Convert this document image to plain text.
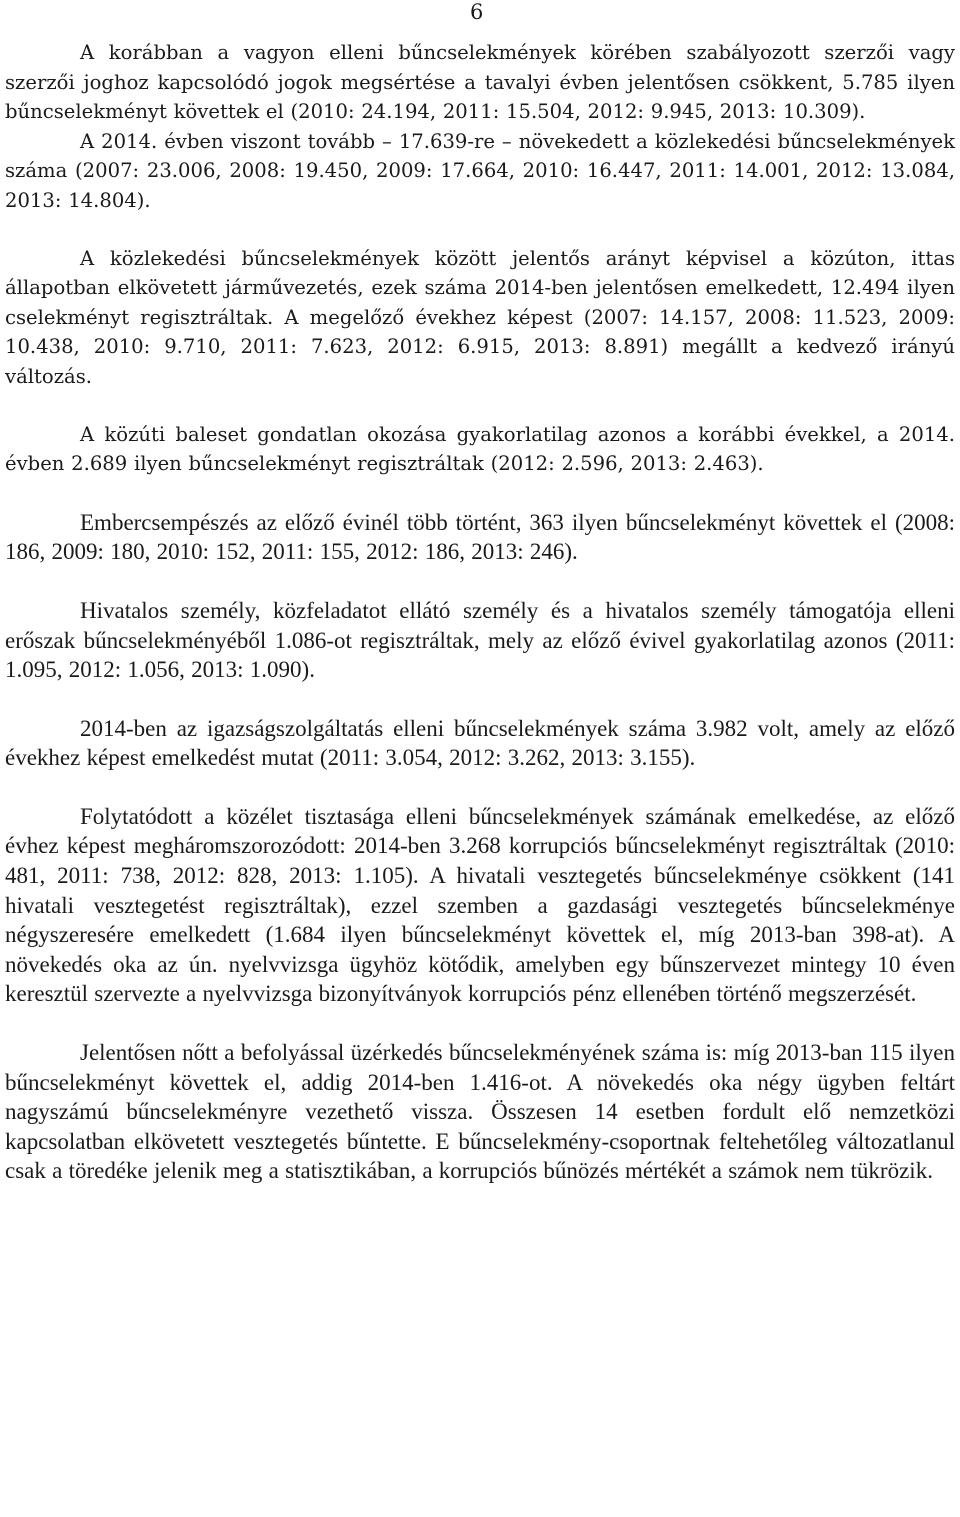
6

A korábban a vagyon elleni bűncselekmények körében szabályozott szerzői vagy szerzői joghoz kapcsolódó jogok megsértése a tavalyi évben jelentősen csökkent, 5.785 ilyen bűncselekményt követtek el (2010: 24.194, 2011: 15.504, 2012: 9.945, 2013: 10.309).

A 2014. évben viszont tovább – 17.639-re – növekedett a közlekedési bűncselekmények száma (2007: 23.006, 2008: 19.450, 2009: 17.664, 2010: 16.447, 2011: 14.001, 2012: 13.084, 2013: 14.804).

A közlekedési bűncselekmények között jelentős arányt képvisel a közúton, ittas állapotban elkövetett járművezetés, ezek száma 2014-ben jelentősen emelkedett, 12.494 ilyen cselekményt regisztráltak. A megelőző évekhez képest (2007: 14.157, 2008: 11.523, 2009: 10.438, 2010: 9.710, 2011: 7.623, 2012: 6.915, 2013: 8.891) megállt a kedvező irányú változás.

A közúti baleset gondatlan okozása gyakorlatilag azonos a korábbi évekkel, a 2014. évben 2.689 ilyen bűncselekményt regisztráltak (2012: 2.596, 2013: 2.463).

Embercsempészés az előző évinél több történt, 363 ilyen bűncselekményt követtek el (2008: 186, 2009: 180, 2010: 152, 2011: 155, 2012: 186, 2013: 246).

Hivatalos személy, közfeladatot ellátó személy és a hivatalos személy támogatója elleni erőszak bűncselekményéből 1.086-ot regisztráltak, mely az előző évivel gyakorlatilag azonos (2011: 1.095, 2012: 1.056, 2013: 1.090).

2014-ben az igazságszolgáltatás elleni bűncselekmények száma 3.982 volt, amely az előző évekhez képest emelkedést mutat (2011: 3.054, 2012: 3.262, 2013: 3.155).

Folytatódott a közélet tisztasága elleni bűncselekmények számának emelkedése, az előző évhez képest megháromszorozódott: 2014-ben 3.268 korrupciós bűncselekményt regisztráltak (2010: 481, 2011: 738, 2012: 828, 2013: 1.105). A hivatali vesztegetés bűncselekménye csökkent (141 hivatali vesztegetést regisztráltak), ezzel szemben a gazdasági vesztegetés bűncselekménye négyszeresére emelkedett (1.684 ilyen bűncselekményt követtek el, míg 2013-ban 398-at). A növekedés oka az ún. nyelvvizsga ügyhöz kötődik, amelyben egy bűnszervezet mintegy 10 éven keresztül szervezte a nyelvvizsga bizonyítványok korrupciós pénz ellenében történő megszerzését.

Jelentősen nőtt a befolyással üzérkedés bűncselekményének száma is: míg 2013-ban 115 ilyen bűncselekményt követtek el, addig 2014-ben 1.416-ot. A növekedés oka négy ügyben feltárt nagyszámú bűncselekményre vezethető vissza. Összesen 14 esetben fordult elő nemzetközi kapcsolatban elkövetett vesztegetés bűntette. E bűncselekmény-csoportnak feltehetőleg változatlanul csak a töredéke jelenik meg a statisztikában, a korrupciós bűnözés mértékét a számok nem tükrözik.
